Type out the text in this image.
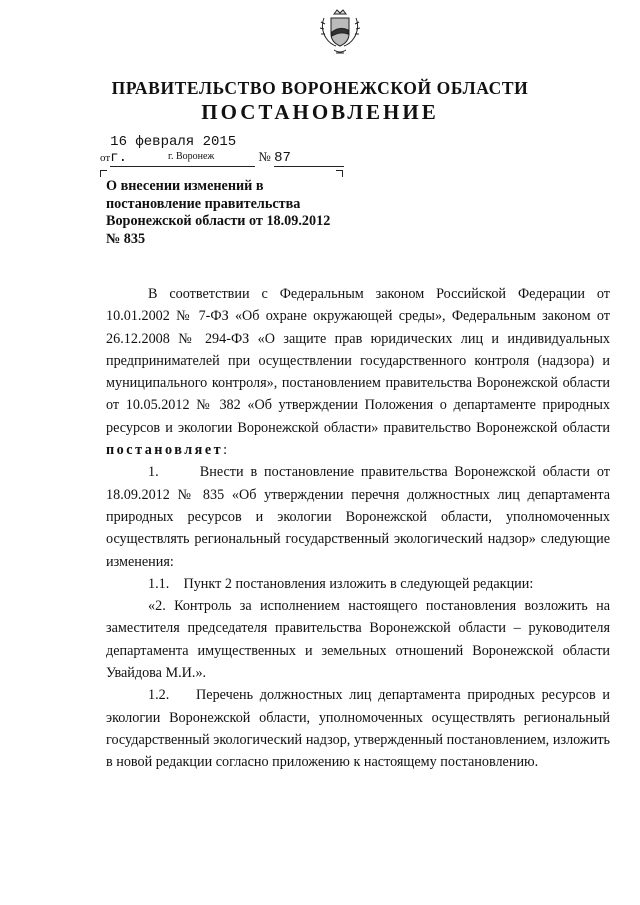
ПРАВИТЕЛЬСТВО ВОРОНЕЖСКОЙ ОБЛАСТИ
ПОСТАНОВЛЕНИЕ
от16 февраля 2015 г.	№ 87
г. Воронеж
О внесении изменений в постановление правительства Воронежской области от 18.09.2012 № 835

В соответствии с Федеральным законом Российской Федерации от 10.01.2002 № 7-ФЗ «Об охране окружающей среды», Федеральным законом от 26.12.2008 № 294-ФЗ «О защите прав юридических лиц и индивидуальных предпринимателей при осуществлении государственного контроля (надзора) и муниципального контроля», постановлением правительства Воронежской области от 10.05.2012 № 382 «Об утверждении Положения о департаменте природных ресурсов и экологии Воронежской области» правительство Воронежской области постановляет:

1.      Внести в постановление правительства Воронежской области от 18.09.2012 № 835 «Об утверждении перечня должностных лиц департамента природных ресурсов и экологии Воронежской области, уполномоченных осуществлять региональный государственный экологический надзор» следующие изменения:

1.1.    Пункт 2 постановления изложить в следующей редакции:

«2. Контроль за исполнением настоящего постановления возложить на заместителя председателя правительства Воронежской области – руководителя департамента имущественных и земельных отношений Воронежской области Увайдова М.И.».

1.2.    Перечень должностных лиц департамента природных ресурсов и экологии Воронежской области, уполномоченных осуществлять региональный государственный экологический надзор, утвержденный постановлением, изложить в новой редакции согласно приложению к настоящему постановлению.
